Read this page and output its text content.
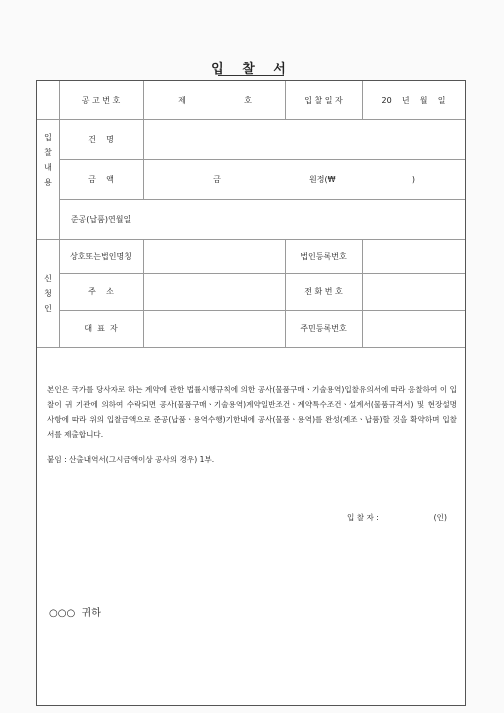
입 찰 서
입
찰
내
용
신
청
인
공 고 번 호	제	호	입 찰 일 자	20    년    월    일
건    명
금    액	금	원정(₩                              )
준공(납품)연월일
상호또는법인명칭	법인등록번호
주    소	전 화 번 호
대  표  자	주민등록번호
본인은 국가를 당사자로 하는 계약에 관한 법률시행규칙에 의한 공사(물품구매ㆍ기술용역)입찰유의서에 따라 응찰하여 이 입찰이 귀 기관에 의하여 수락되면 공사(물품구매ㆍ기술용역)계약일반조건ㆍ계약특수조건ㆍ설계서(물품규격서) 및 현장설명사항에 따라 위의 입찰금액으로 준공(납품ㆍ용역수행)기한내에 공사(물품ㆍ용역)를 완성(제조ㆍ납품)할 것을 확약하며 입찰서를 제출합니다.
붙임 : 산출내역서(그시금액이상 공사의 경우) 1부.
입 찰 자 :	(인)
○○○  귀하
